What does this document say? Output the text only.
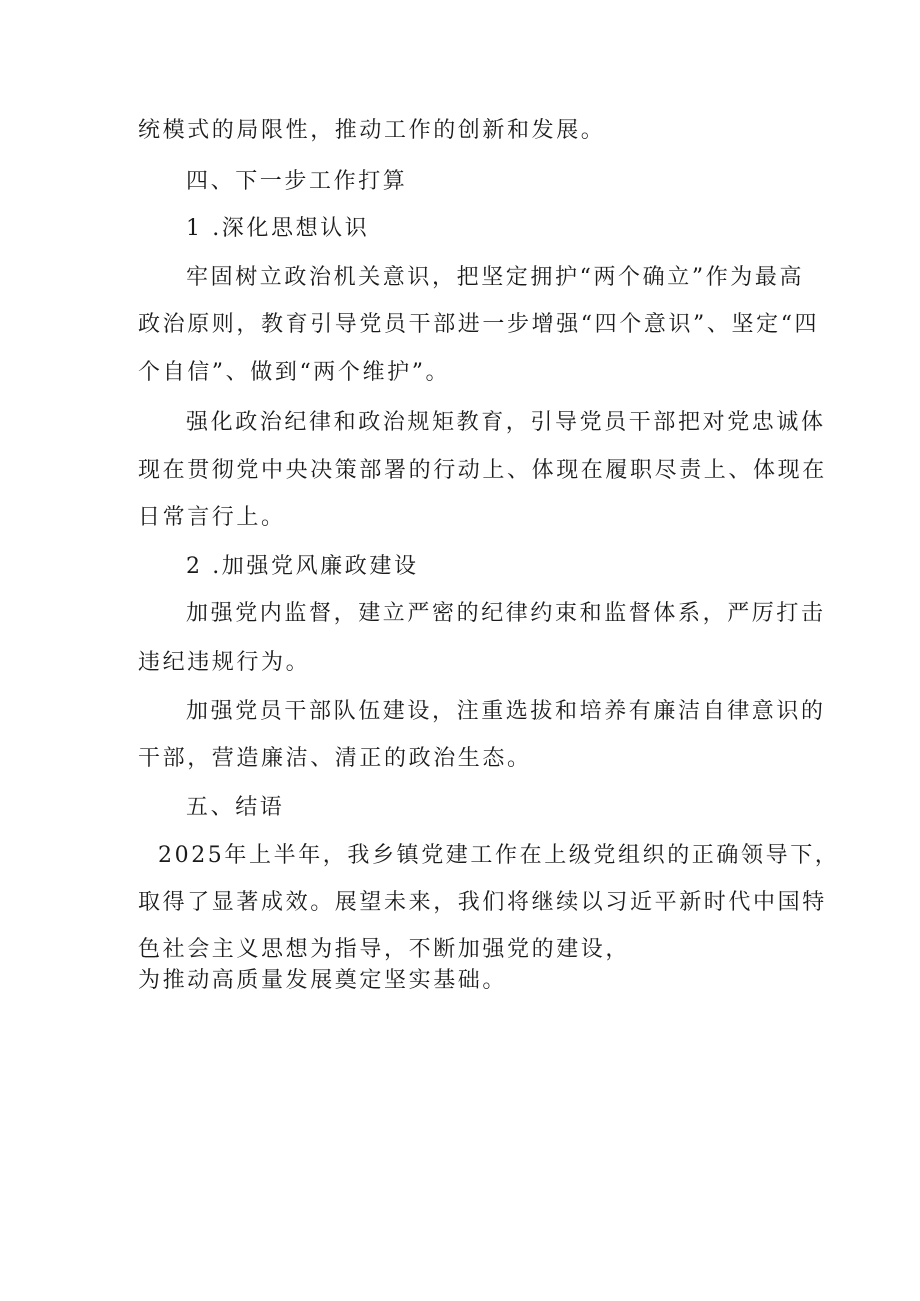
统模式的局限性，推动工作的创新和发展。
四、下一步工作打算
1 .深化思想认识
牢固树立政治机关意识，把坚定拥护“两个确立”作为最高
政治原则，教育引导党员干部进一步增强“四个意识”、坚定“四
个自信”、做到“两个维护”。
强化政治纪律和政治规矩教育，引导党员干部把对党忠诚体
现在贯彻党中央决策部署的行动上、体现在履职尽责上、体现在
日常言行上。
2 .加强党风廉政建设
加强党内监督，建立严密的纪律约束和监督体系，严厉打击
违纪违规行为。
加强党员干部队伍建设，注重选拔和培养有廉洁自律意识的
干部，营造廉洁、清正的政治生态。
五、结语
2025年上半年，我乡镇党建工作在上级党组织的正确领导下，
取得了显著成效。展望未来，我们将继续以习近平新时代中国特
色社会主义思想为指导，不断加强党的建设，
为推动高质量发展奠定坚实基础。
